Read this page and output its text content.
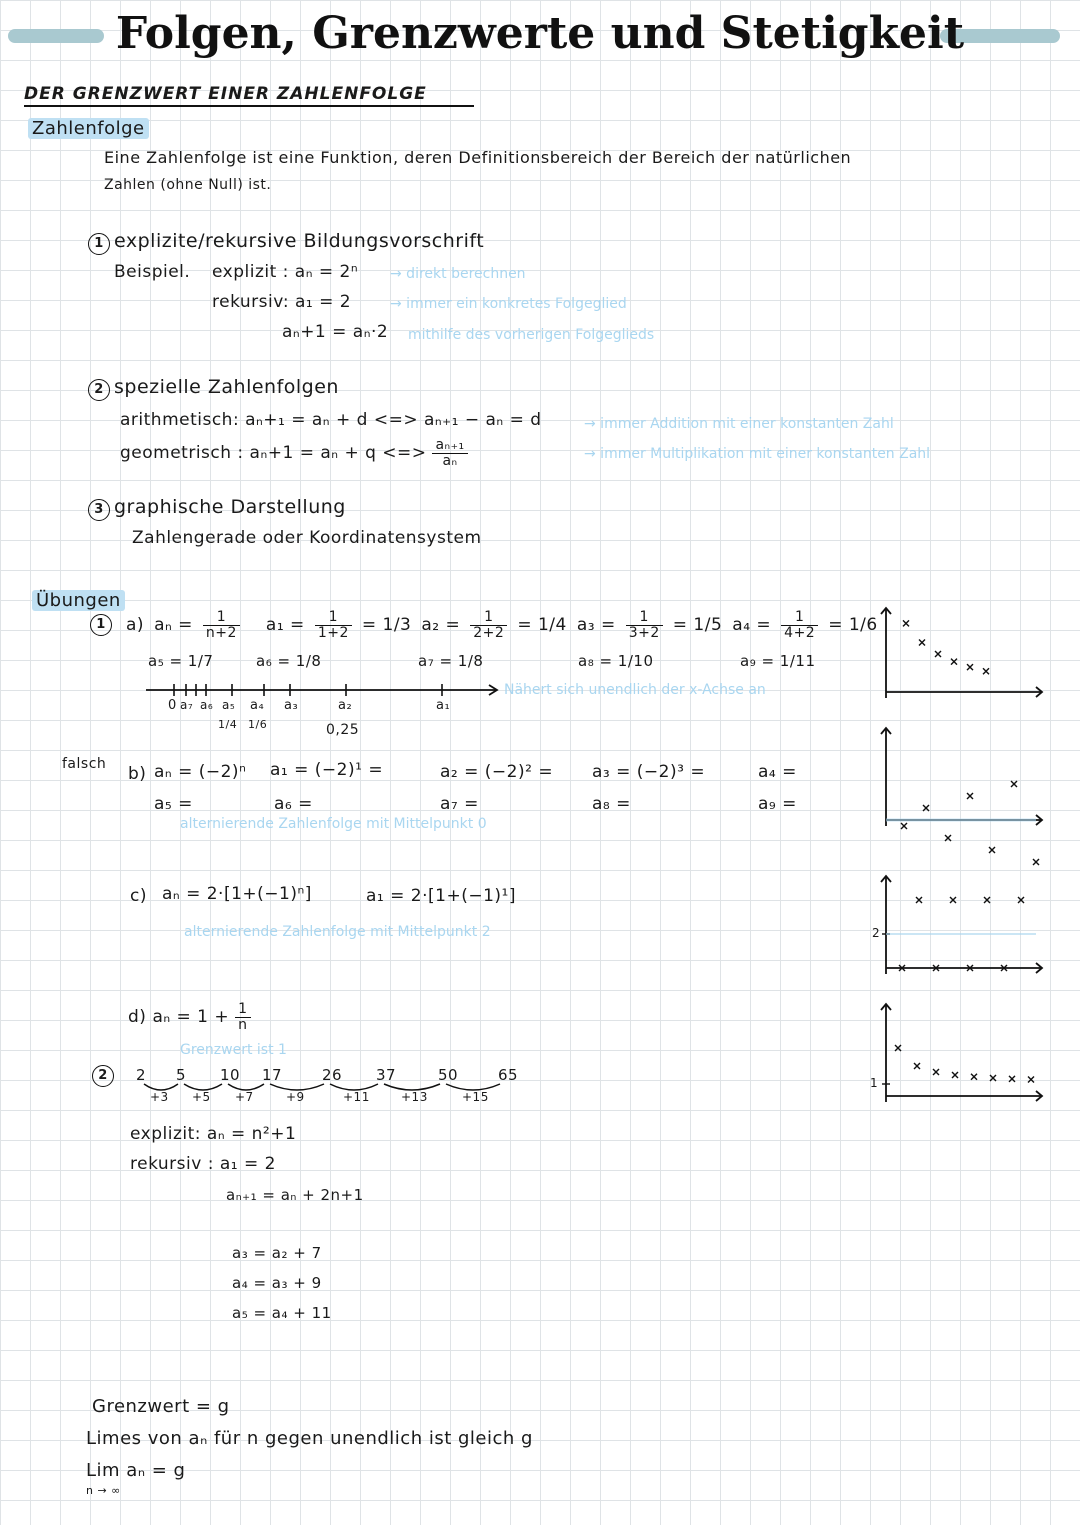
Folgen, Grenzwerte und Stetigkeit
DER GRENZWERT EINER ZAHLENFOLGE
Zahlenfolge
Eine Zahlenfolge ist eine Funktion, deren Definitionsbereich der Bereich der natürlichen
Zahlen (ohne Null) ist.
1 explizite/rekursive Bildungsvorschrift
Beispiel. explizit : aₙ = 2ⁿ → direkt berechnen
rekursiv: a₁ = 2	→ immer ein konkretes Folgeglied
aₙ+1 = aₙ·2 mithilfe des vorherigen Folgeglieds
2 spezielle Zahlenfolgen
arithmetisch: aₙ+₁ = aₙ + d <=> aₙ₊₁ − aₙ = d	→ immer Addition mit einer konstanten Zahl
geometrisch : aₙ+1 = aₙ + q <=> $\frac{\text{aₙ₊₁}}{\text{aₙ}}$	→ immer Multiplikation mit einer konstanten Zahl
3 graphische Darstellung
Zahlengerade oder Koordinatensystem
Übungen
1	a) $a_n = \frac{1}{n+2} a_1 = \frac{1}{1+2} = 1/3$ $a_2 = \frac{1}{2+2} = 1/4$ $a_3 = \frac{1}{3+2} = 1/5$ $a_4 = \frac{1}{4+2} = 1/6$
a₅ = 1/7	a₆ = 1/8	a₇ = 1/8	a₈ = 1/10	a₉ = 1/11
0 a₇ a₆ a₅ a₄ a₃	a₂	a₁
1/4 1/6	0,25
Nähert sich unendlich der x-Achse an
falsch b) aₙ = (−2)ⁿ a₁ = (−2)¹ =	a₂ = (−2)² = a₃ = (−2)³ =	a₄ =
a₅ =	a₆ =	a₇ =	a₈ =	a₉ =
alternierende Zahlenfolge mit Mittelpunkt 0
c) aₙ = 2·[1+(−1)ⁿ]	a₁ = 2·[1+(−1)¹]
alternierende Zahlenfolge mit Mittelpunkt 2
d) $a_n = 1 + \frac{1}{n}$
Grenzwert ist 1
2
explizit: aₙ = n²+1
rekursiv : a₁ = 2
aₙ₊₁ = aₙ + 2n+1
a₃ = a₂ + 7
a₄ = a₃ + 9
a₅ = a₄ + 11
2
1
Grenzwert = g
Limes von aₙ für n gegen unendlich ist gleich g
Lim aₙ = g
n → ∞
2 5 10 17	26 37	50	65
+3 +5 +7	+9	+11	+13	+15
